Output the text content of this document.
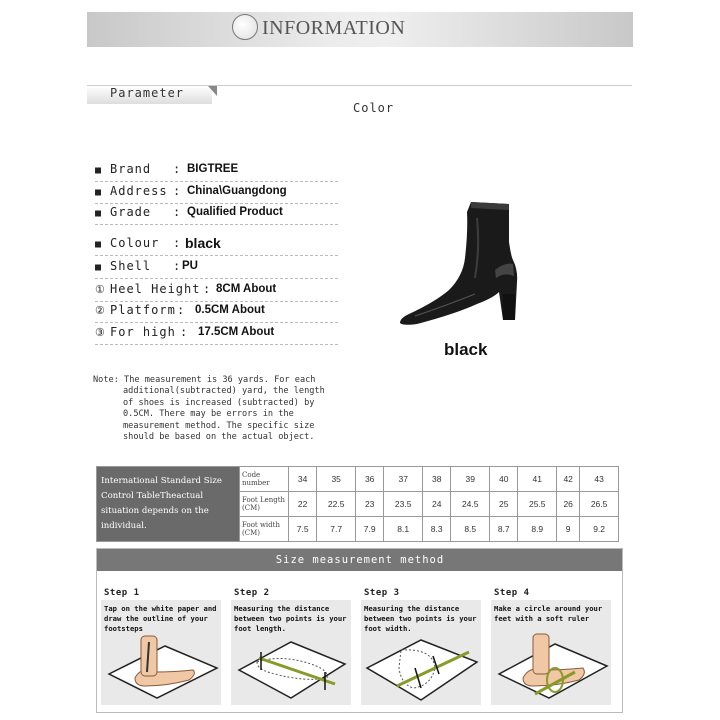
INFORMATION
Parameter
Color
■ Brand : BIGTREE
■ Address : China\Guangdong
■ Grade : Qualified Product
■ Colour : black
■ Shell : PU
① Heel Height : 8CM About
② Platform : 0.5CM About
③ For high : 17.5CM About
black
Note: The measurement is 36 yards. For each
additional(subtracted) yard, the length of shoes is increased (subtracted) by 0.5CM. There may be errors in the measurement method. The specific size should be based on the actual object.
International Standard Size Control TableTheactual situation depends on the individual.	Code number	34	35	36	37	38	39	40	41	42	43
	Foot Length (CM)	22	22.5	23	23.5	24	24.5	25	25.5	26	26.5
	Foot width (CM)	7.5	7.7	7.9	8.1	8.3	8.5	8.7	8.9	9	9.2
Size measurement method
Step 1
Tap on the white paper and draw the outline of your footsteps
Step 2
Measuring the distance between two points is your foot length.
Step 3
Measuring the distance between two points is your foot width.
Step 4
Make a circle around your feet with a soft ruler
